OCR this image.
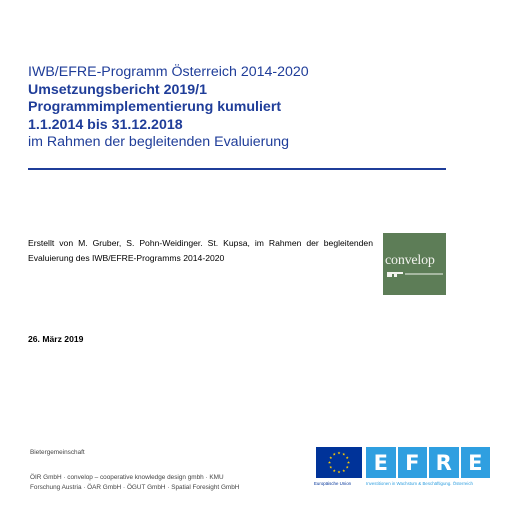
IWB/EFRE-Programm Österreich 2014-2020
Umsetzungsbericht 2019/1
Programmimplementierung kumuliert
1.1.2014 bis 31.12.2018
im Rahmen der begleitenden Evaluierung
Erstellt von M. Gruber, S. Pohn-Weidinger. St. Kupsa, im Rahmen der begleitenden Evaluierung des IWB/EFRE-Programms 2014-2020	convelop
26. März 2019
Bietergemeinschaft
ÖIR GmbH · convelop – cooperative knowledge design gmbh · KMU
Forschung Austria · ÖAR GmbH · ÖGUT GmbH · Spatial Foresight GmbH	Europäische Union
E F R E
Investitionen in Wachstum & Beschäftigung. Österreich
